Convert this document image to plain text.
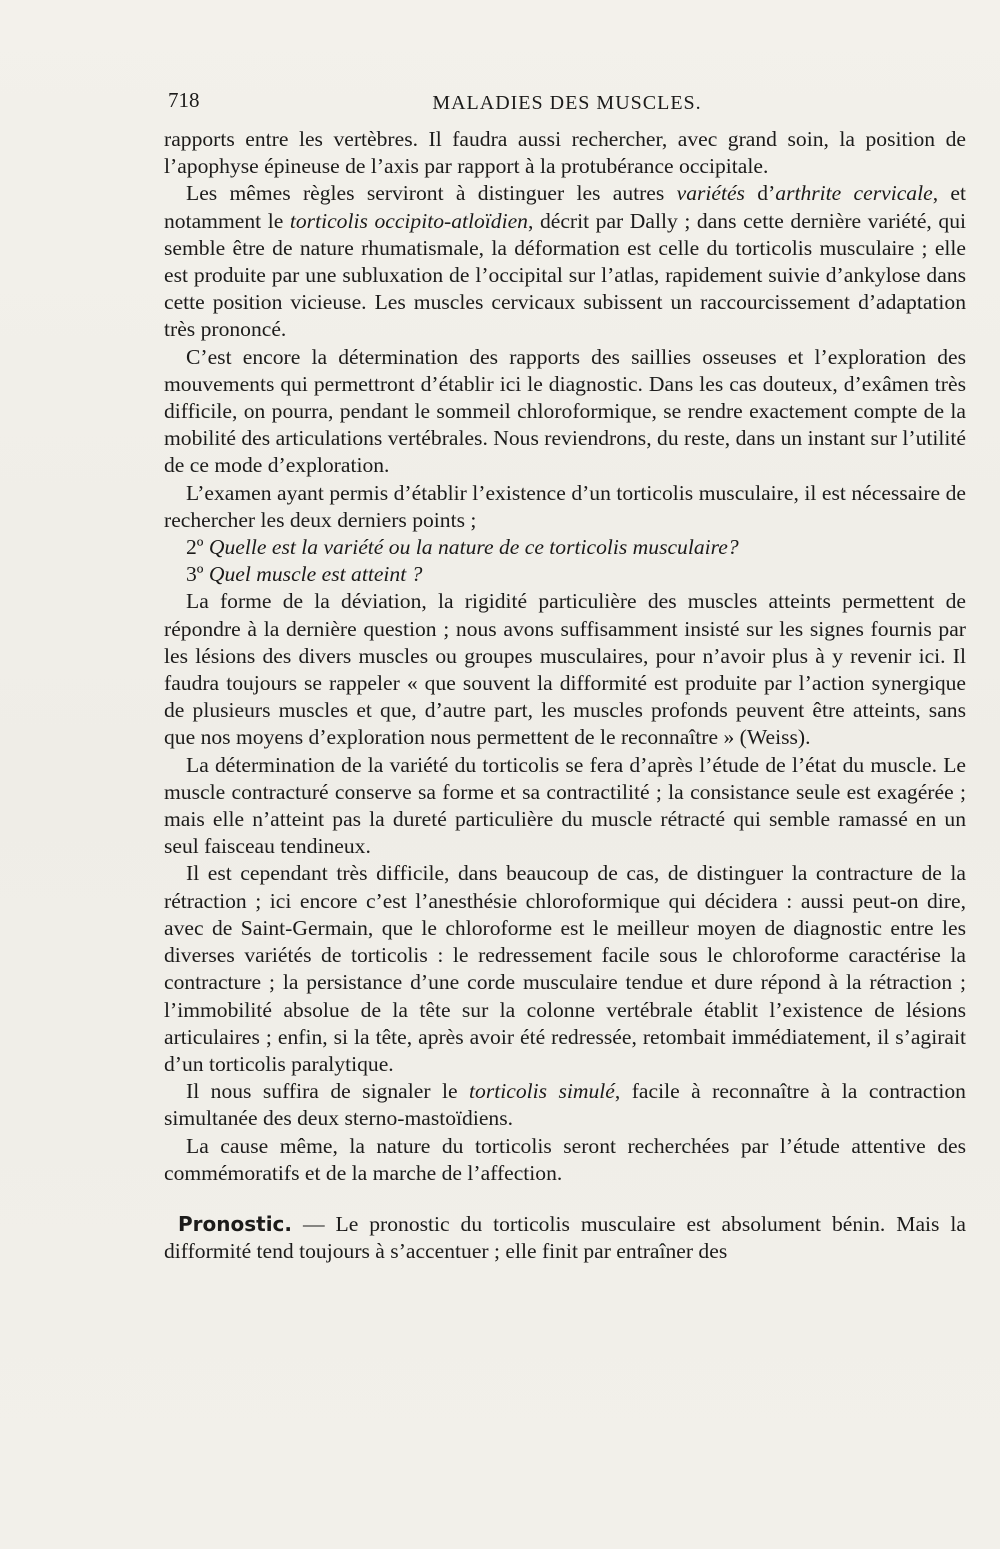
718	MALADIES DES MUSCLES.

rapports entre les vertèbres. Il faudra aussi rechercher, avec grand soin, la position de l’apophyse épineuse de l’axis par rapport à la protubérance occipitale.

Les mêmes règles serviront à distinguer les autres variétés d’arthrite cervicale, et notamment le torticolis occipito-atloïdien, décrit par Dally ; dans cette dernière variété, qui semble être de nature rhumatismale, la déformation est celle du torticolis musculaire ; elle est produite par une subluxation de l’occipital sur l’atlas, rapidement suivie d’ankylose dans cette position vicieuse. Les muscles cervicaux subissent un raccourcissement d’adaptation très prononcé.

C’est encore la détermination des rapports des saillies osseuses et l’exploration des mouvements qui permettront d’établir ici le diagnostic. Dans les cas douteux, d’exâmen très difficile, on pourra, pendant le sommeil chloroformique, se rendre exactement compte de la mobilité des articulations vertébrales. Nous reviendrons, du reste, dans un instant sur l’utilité de ce mode d’exploration.

L’examen ayant permis d’établir l’existence d’un torticolis musculaire, il est nécessaire de rechercher les deux derniers points ;

2º Quelle est la variété ou la nature de ce torticolis musculaire?

3º Quel muscle est atteint ?

La forme de la déviation, la rigidité particulière des muscles atteints permettent de répondre à la dernière question ; nous avons suffisamment insisté sur les signes fournis par les lésions des divers muscles ou groupes musculaires, pour n’avoir plus à y revenir ici. Il faudra toujours se rappeler « que souvent la difformité est produite par l’action synergique de plusieurs muscles et que, d’autre part, les muscles profonds peuvent être atteints, sans que nos moyens d’exploration nous permettent de le reconnaître » (Weiss).

La détermination de la variété du torticolis se fera d’après l’étude de l’état du muscle. Le muscle contracturé conserve sa forme et sa contractilité ; la consistance seule est exagérée ; mais elle n’atteint pas la dureté particulière du muscle rétracté qui semble ramassé en un seul faisceau tendineux.

Il est cependant très difficile, dans beaucoup de cas, de distinguer la contracture de la rétraction ; ici encore c’est l’anesthésie chloroformique qui décidera : aussi peut-on dire, avec de Saint-Germain, que le chloroforme est le meilleur moyen de diagnostic entre les diverses variétés de torticolis : le redressement facile sous le chloroforme caractérise la contracture ; la persistance d’une corde musculaire tendue et dure répond à la rétraction ; l’immobilité absolue de la tête sur la colonne vertébrale établit l’existence de lésions articulaires ; enfin, si la tête, après avoir été redressée, retombait immédiatement, il s’agirait d’un torticolis paralytique.

Il nous suffira de signaler le torticolis simulé, facile à reconnaître à la contraction simultanée des deux sterno-mastoïdiens.

La cause même, la nature du torticolis seront recherchées par l’étude attentive des commémoratifs et de la marche de l’affection.

Pronostic. — Le pronostic du torticolis musculaire est absolument bénin. Mais la difformité tend toujours à s’accentuer ; elle finit par entraîner des
